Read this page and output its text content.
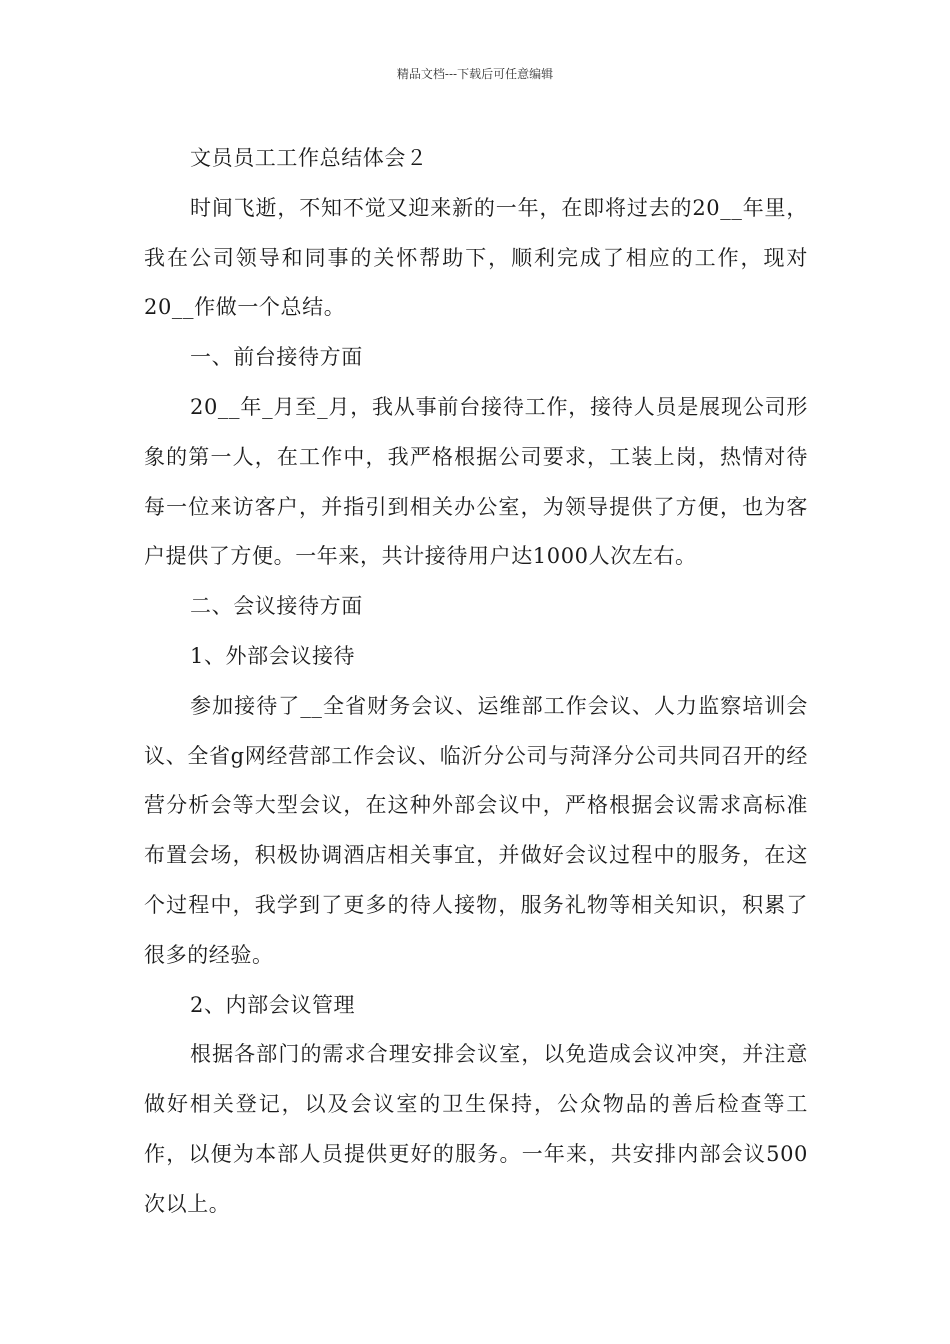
精品文档---下载后可任意编辑

文员员工工作总结体会２

时间飞逝，不知不觉又迎来新的一年，在即将过去的20__年里，我在公司领导和同事的关怀帮助下，顺利完成了相应的工作，现对20__作做一个总结。

一、前台接待方面

20__年_月至_月，我从事前台接待工作，接待人员是展现公司形象的第一人，在工作中，我严格根据公司要求，工装上岗，热情对待每一位来访客户，并指引到相关办公室，为领导提供了方便，也为客户提供了方便。一年来，共计接待用户达1000人次左右。

二、会议接待方面

1、外部会议接待

参加接待了__全省财务会议、运维部工作会议、人力监察培训会议、全省g网经营部工作会议、临沂分公司与菏泽分公司共同召开的经营分析会等大型会议，在这种外部会议中，严格根据会议需求高标准布置会场，积极协调酒店相关事宜，并做好会议过程中的服务，在这个过程中，我学到了更多的待人接物，服务礼物等相关知识，积累了很多的经验。

2、内部会议管理

根据各部门的需求合理安排会议室，以免造成会议冲突，并注意做好相关登记，以及会议室的卫生保持，公众物品的善后检查等工作，以便为本部人员提供更好的服务。一年来，共安排内部会议500次以上。
